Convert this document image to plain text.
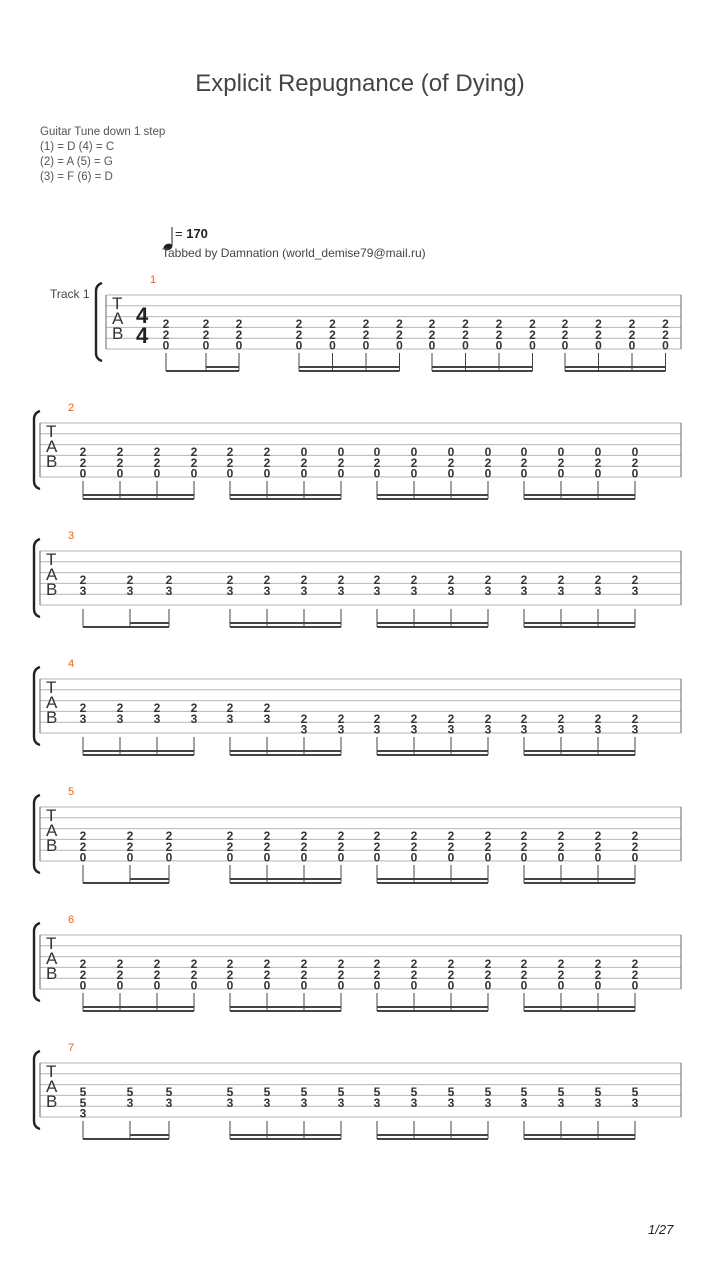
Explicit Repugnance (of Dying)
Guitar Tune down 1 step
(1) = D (4) = C
(2) = A (5) = G
(3) = F (6) = D
= 170
Tabbed by Damnation (world_demise79@mail.ru)
Track 1 T
A
B
4
4
1
2
2
0
2
2
0
2
2
0
2
2
0
2
2
0
2
2
0
2
2
0
2
2
0
2
2
0
2
2
0
2
2
0
2
2
0
2
2
0
2
2
0
2
2
0
T
A
B
2
2
2
0
2
2
0
2
2
0
2
2
0
2
2
0
2
2
0
0
2
0
0
2
0
0
2
0
0
2
0
0
2
0
0
2
0
0
2
0
0
2
0
0
2
0
0
2
0
T
A
B
3
2
3
2
3
2
3
2
3
2
3
2
3
2
3
2
3
2
3
2
3
2
3
2
3
2
3
2
3
2
3
T
A
B
4
2
3
2
3
2
3
2
3
2
3
2
3	2
3
2
3
2
3
2
3
2
3
2
3
2
3
2
3
2
3
2
3
T
A
B
5
2
2
0
2
2
0
2
2
0
2
2
0
2
2
0
2
2
0
2
2
0
2
2
0
2
2
0
2
2
0
2
2
0
2
2
0
2
2
0
2
2
0
2
2
0
T
A
B
6
2
2
0
2
2
0
2
2
0
2
2
0
2
2
0
2
2
0
2
2
0
2
2
0
2
2
0
2
2
0
2
2
0
2
2
0
2
2
0
2
2
0
2
2
0
2
2
0
T
A
B
7
5
5
3
5
3
5
3
5
3
5
3
5
3
5
3
5
3
5
3
5
3
5
3
5
3
5
3
5
3
5
3
1/27
